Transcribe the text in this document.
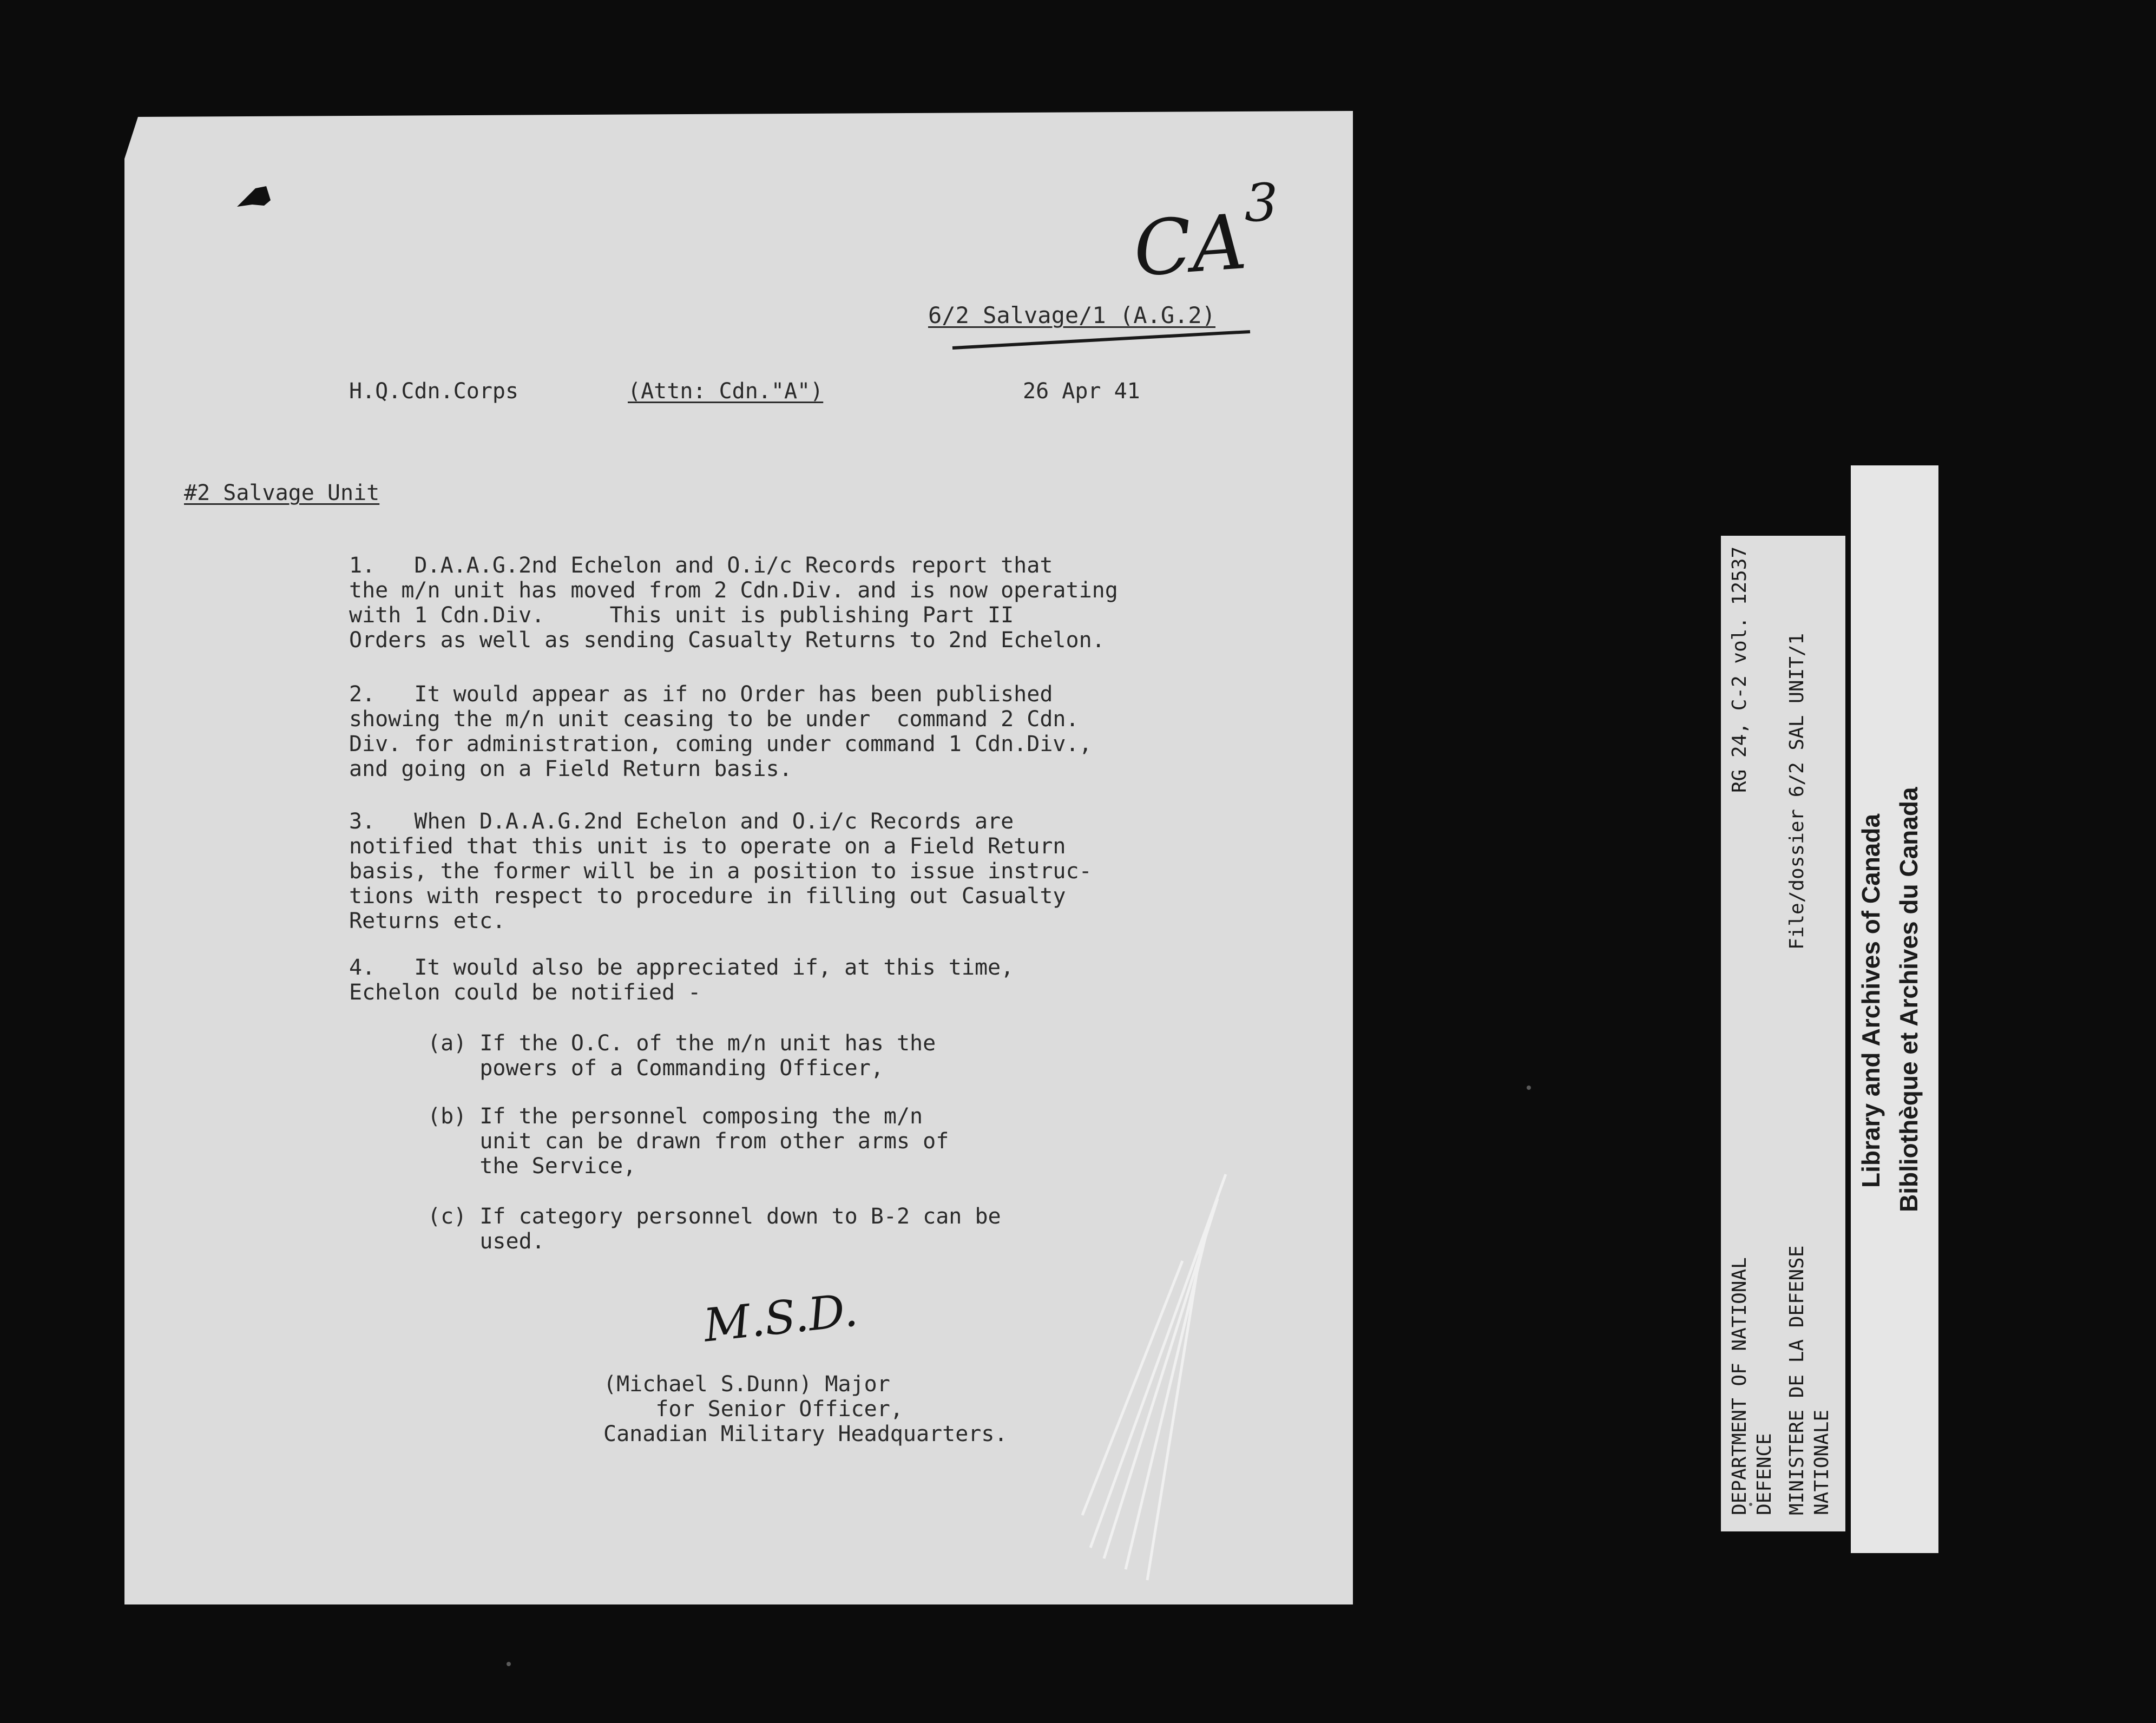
CA

3

6/2 Salvage/1 (A.G.2)

H.Q.Cdn.Corps	(Attn: Cdn."A")	26 Apr 41

#2 Salvage Unit

1.   D.A.A.G.2nd Echelon and O.i/c Records report that
the m/n unit has moved from 2 Cdn.Div. and is now operating
with 1 Cdn.Div.     This unit is publishing Part II
Orders as well as sending Casualty Returns to 2nd Echelon.

2.   It would appear as if no Order has been published
showing the m/n unit ceasing to be under  command 2 Cdn.
Div. for administration, coming under command 1 Cdn.Div.,
and going on a Field Return basis.

3.   When D.A.A.G.2nd Echelon and O.i/c Records are
notified that this unit is to operate on a Field Return
basis, the former will be in a position to issue instruc-
tions with respect to procedure in filling out Casualty
Returns etc.

4.   It would also be appreciated if, at this time,
Echelon could be notified -

(a) If the O.C. of the m/n unit has the
powers of a Commanding Officer,

(b) If the personnel composing the m/n
unit can be drawn from other arms of
the Service,

(c) If category personnel down to B-2 can be
used.

M.S.D.

(Michael S.Dunn) Major
for Senior Officer,
Canadian Military Headquarters.

RG 24, C-2 vol. 12537 File/dossier 6/2 SAL UNIT/1

DEPARTMENT OF NATIONAL
DEFENCE MINISTERE DE LA DEFENSE
NATIONALE

Library and Archives of Canada Bibliothèque et Archives du Canada
